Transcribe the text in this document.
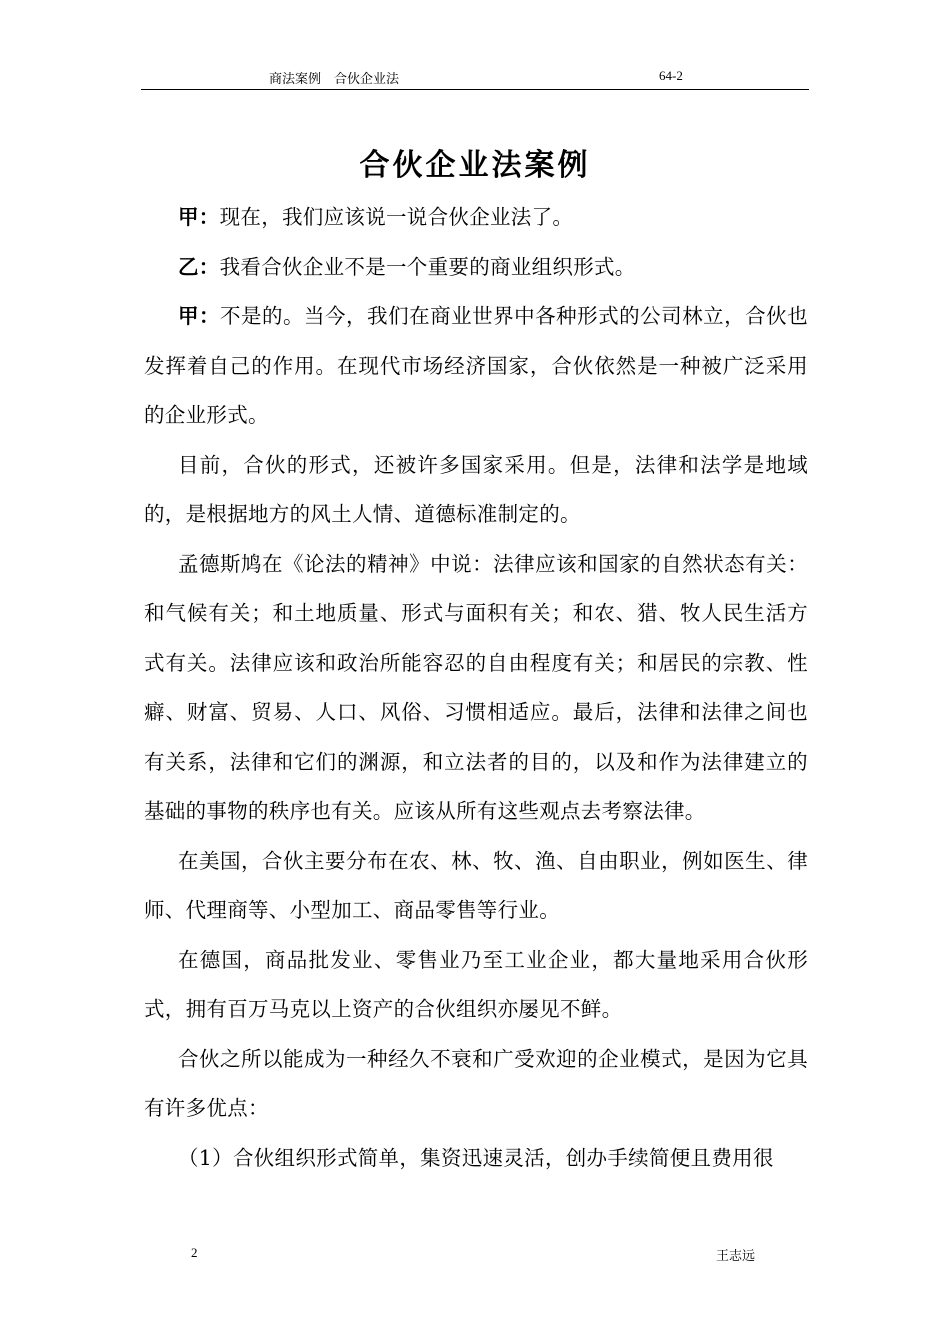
商法案例    合伙企业法	64-2
合伙企业法案例

甲：现在，我们应该说一说合伙企业法了。

乙：我看合伙企业不是一个重要的商业组织形式。

甲：不是的。当今，我们在商业世界中各种形式的公司林立，合伙也发挥着自己的作用。在现代市场经济国家，合伙依然是一种被广泛采用的企业形式。

目前，合伙的形式，还被许多国家采用。但是，法律和法学是地域的，是根据地方的风土人情、道德标准制定的。

孟德斯鸠在《论法的精神》中说：法律应该和国家的自然状态有关：和气候有关；和土地质量、形式与面积有关；和农、猎、牧人民生活方式有关。法律应该和政治所能容忍的自由程度有关；和居民的宗教、性癖、财富、贸易、人口、风俗、习惯相适应。最后，法律和法律之间也有关系，法律和它们的渊源，和立法者的目的，以及和作为法律建立的基础的事物的秩序也有关。应该从所有这些观点去考察法律。

在美国，合伙主要分布在农、林、牧、渔、自由职业，例如医生、律师、代理商等、小型加工、商品零售等行业。

在德国，商品批发业、零售业乃至工业企业，都大量地采用合伙形式，拥有百万马克以上资产的合伙组织亦屡见不鲜。

合伙之所以能成为一种经久不衰和广受欢迎的企业模式，是因为它具有许多优点：

（1）合伙组织形式简单，集资迅速灵活，创办手续简便且费用很

2	王志远
